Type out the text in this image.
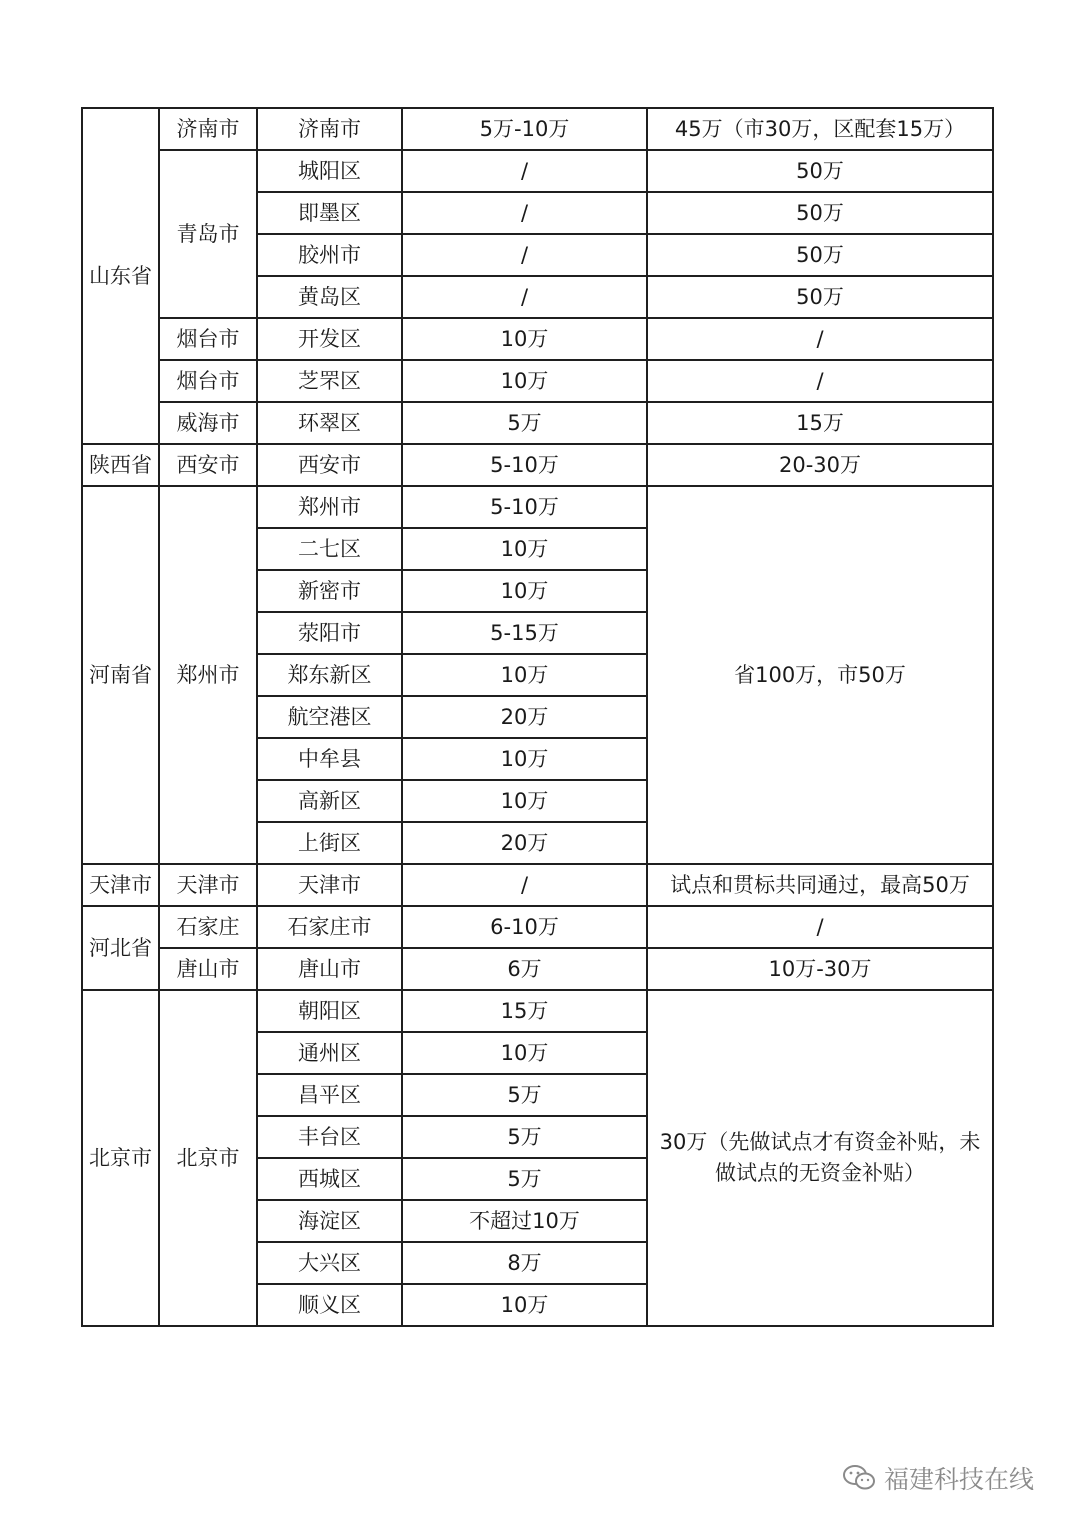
山东省	济南市	济南市	5万-10万	45万（市30万，区配套15万）
	青岛市	城阳区	/	50万
		即墨区	/	50万
		胶州市	/	50万
		黄岛区	/	50万
	烟台市	开发区	10万	/
	烟台市	芝罘区	10万	/
	威海市	环翠区	5万	15万
陕西省	西安市	西安市	5-10万	20-30万
河南省	郑州市	郑州市	5-10万	省100万，市50万
		二七区	10万	
		新密市	10万	
		荥阳市	5-15万	
		郑东新区	10万	
		航空港区	20万	
		中牟县	10万	
		高新区	10万	
		上街区	20万	
天津市	天津市	天津市	/	试点和贯标共同通过，最高50万
河北省	石家庄	石家庄市	6-10万	/
	唐山市	唐山市	6万	10万-30万
北京市	北京市	朝阳区	15万	30万（先做试点才有资金补贴，未做试点的无资金补贴）
		通州区	10万	
		昌平区	5万	
		丰台区	5万	
		西城区	5万	
		海淀区	不超过10万	
		大兴区	8万	
		顺义区	10万	
福建科技在线
